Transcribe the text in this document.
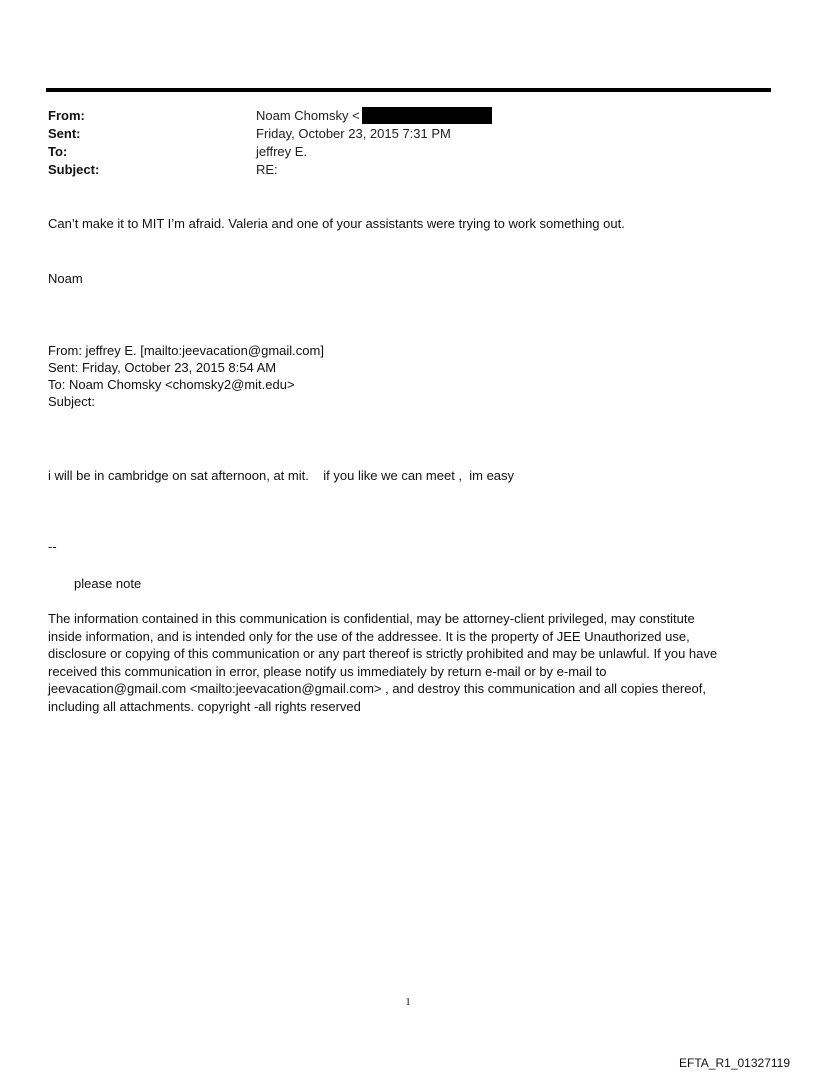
From:	Noam Chomsky <
Sent:	Friday, October 23, 2015 7:31 PM
To:	jeffrey E.
Subject:	RE:
Can’t make it to MIT I’m afraid. Valeria and one of your assistants were trying to work something out.
Noam
From: jeffrey E. [mailto:jeevacation@gmail.com]
Sent: Friday, October 23, 2015 8:54 AM
To: Noam Chomsky <chomsky2@mit.edu>
Subject:
i will be in cambridge on sat afternoon, at mit.    if you like we can meet ,  im easy
--
please note
The information contained in this communication is confidential, may be attorney-client privileged, may constitute
inside information, and is intended only for the use of the addressee. It is the property of JEE Unauthorized use,
disclosure or copying of this communication or any part thereof is strictly prohibited and may be unlawful. If you have
received this communication in error, please notify us immediately by return e-mail or by e-mail to
jeevacation@gmail.com <mailto:jeevacation@gmail.com> , and destroy this communication and all copies thereof,
including all attachments. copyright -all rights reserved
1
EFTA_R1_01327119
